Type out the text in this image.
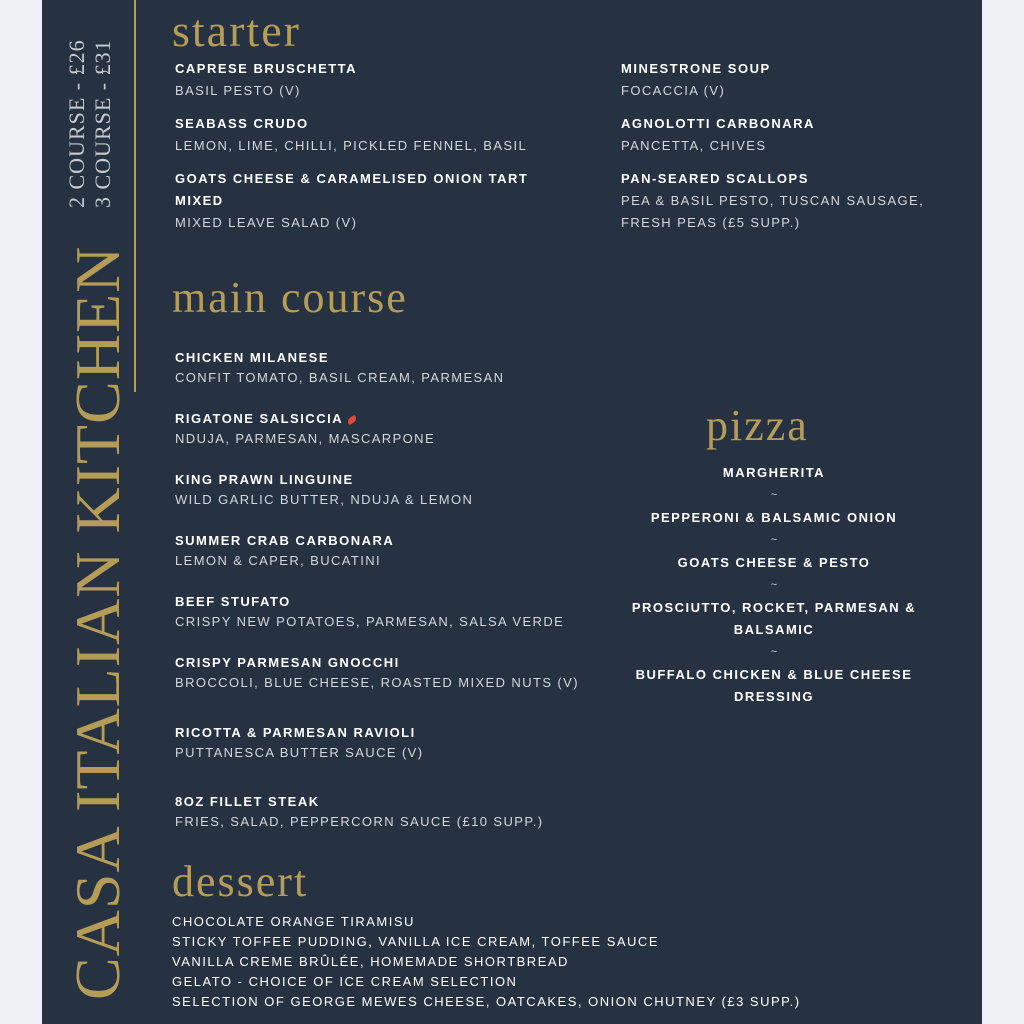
CASA ITALIAN KITCHEN
2 COURSE - £26 3 COURSE - £31
starter
CAPRESE BRUSCHETTA
BASIL PESTO (V)
SEABASS CRUDO
LEMON, LIME, CHILLI, PICKLED FENNEL, BASIL
GOATS CHEESE & CARAMELISED ONION TART MIXED
MIXED LEAVE SALAD (V)
MINESTRONE SOUP
FOCACCIA (V)
AGNOLOTTI CARBONARA
PANCETTA, CHIVES
PAN-SEARED SCALLOPS
PEA & BASIL PESTO, TUSCAN SAUSAGE, FRESH PEAS (£5 SUPP.)
main course
CHICKEN MILANESE
CONFIT TOMATO, BASIL CREAM, PARMESAN
RIGATONE SALSICCIA
NDUJA, PARMESAN, MASCARPONE
KING PRAWN LINGUINE
WILD GARLIC BUTTER, NDUJA & LEMON
SUMMER CRAB CARBONARA
LEMON & CAPER, BUCATINI
BEEF STUFATO
CRISPY NEW POTATOES, PARMESAN, SALSA VERDE
CRISPY PARMESAN GNOCCHI
BROCCOLI, BLUE CHEESE, ROASTED MIXED NUTS (V)
RICOTTA & PARMESAN RAVIOLI
PUTTANESCA BUTTER SAUCE (V)
8OZ FILLET STEAK
FRIES, SALAD, PEPPERCORN SAUCE (£10 SUPP.)
pizza
MARGHERITA
~
PEPPERONI & BALSAMIC ONION
~
GOATS CHEESE & PESTO
~
PROSCIUTTO, ROCKET, PARMESAN & BALSAMIC
~
BUFFALO CHICKEN & BLUE CHEESE DRESSING
dessert
CHOCOLATE ORANGE TIRAMISU
STICKY TOFFEE PUDDING, VANILLA ICE CREAM, TOFFEE SAUCE
VANILLA CREME BRÛLÉE, HOMEMADE SHORTBREAD
GELATO - CHOICE OF ICE CREAM SELECTION
SELECTION OF GEORGE MEWES CHEESE, OATCAKES, ONION CHUTNEY (£3 SUPP.)
